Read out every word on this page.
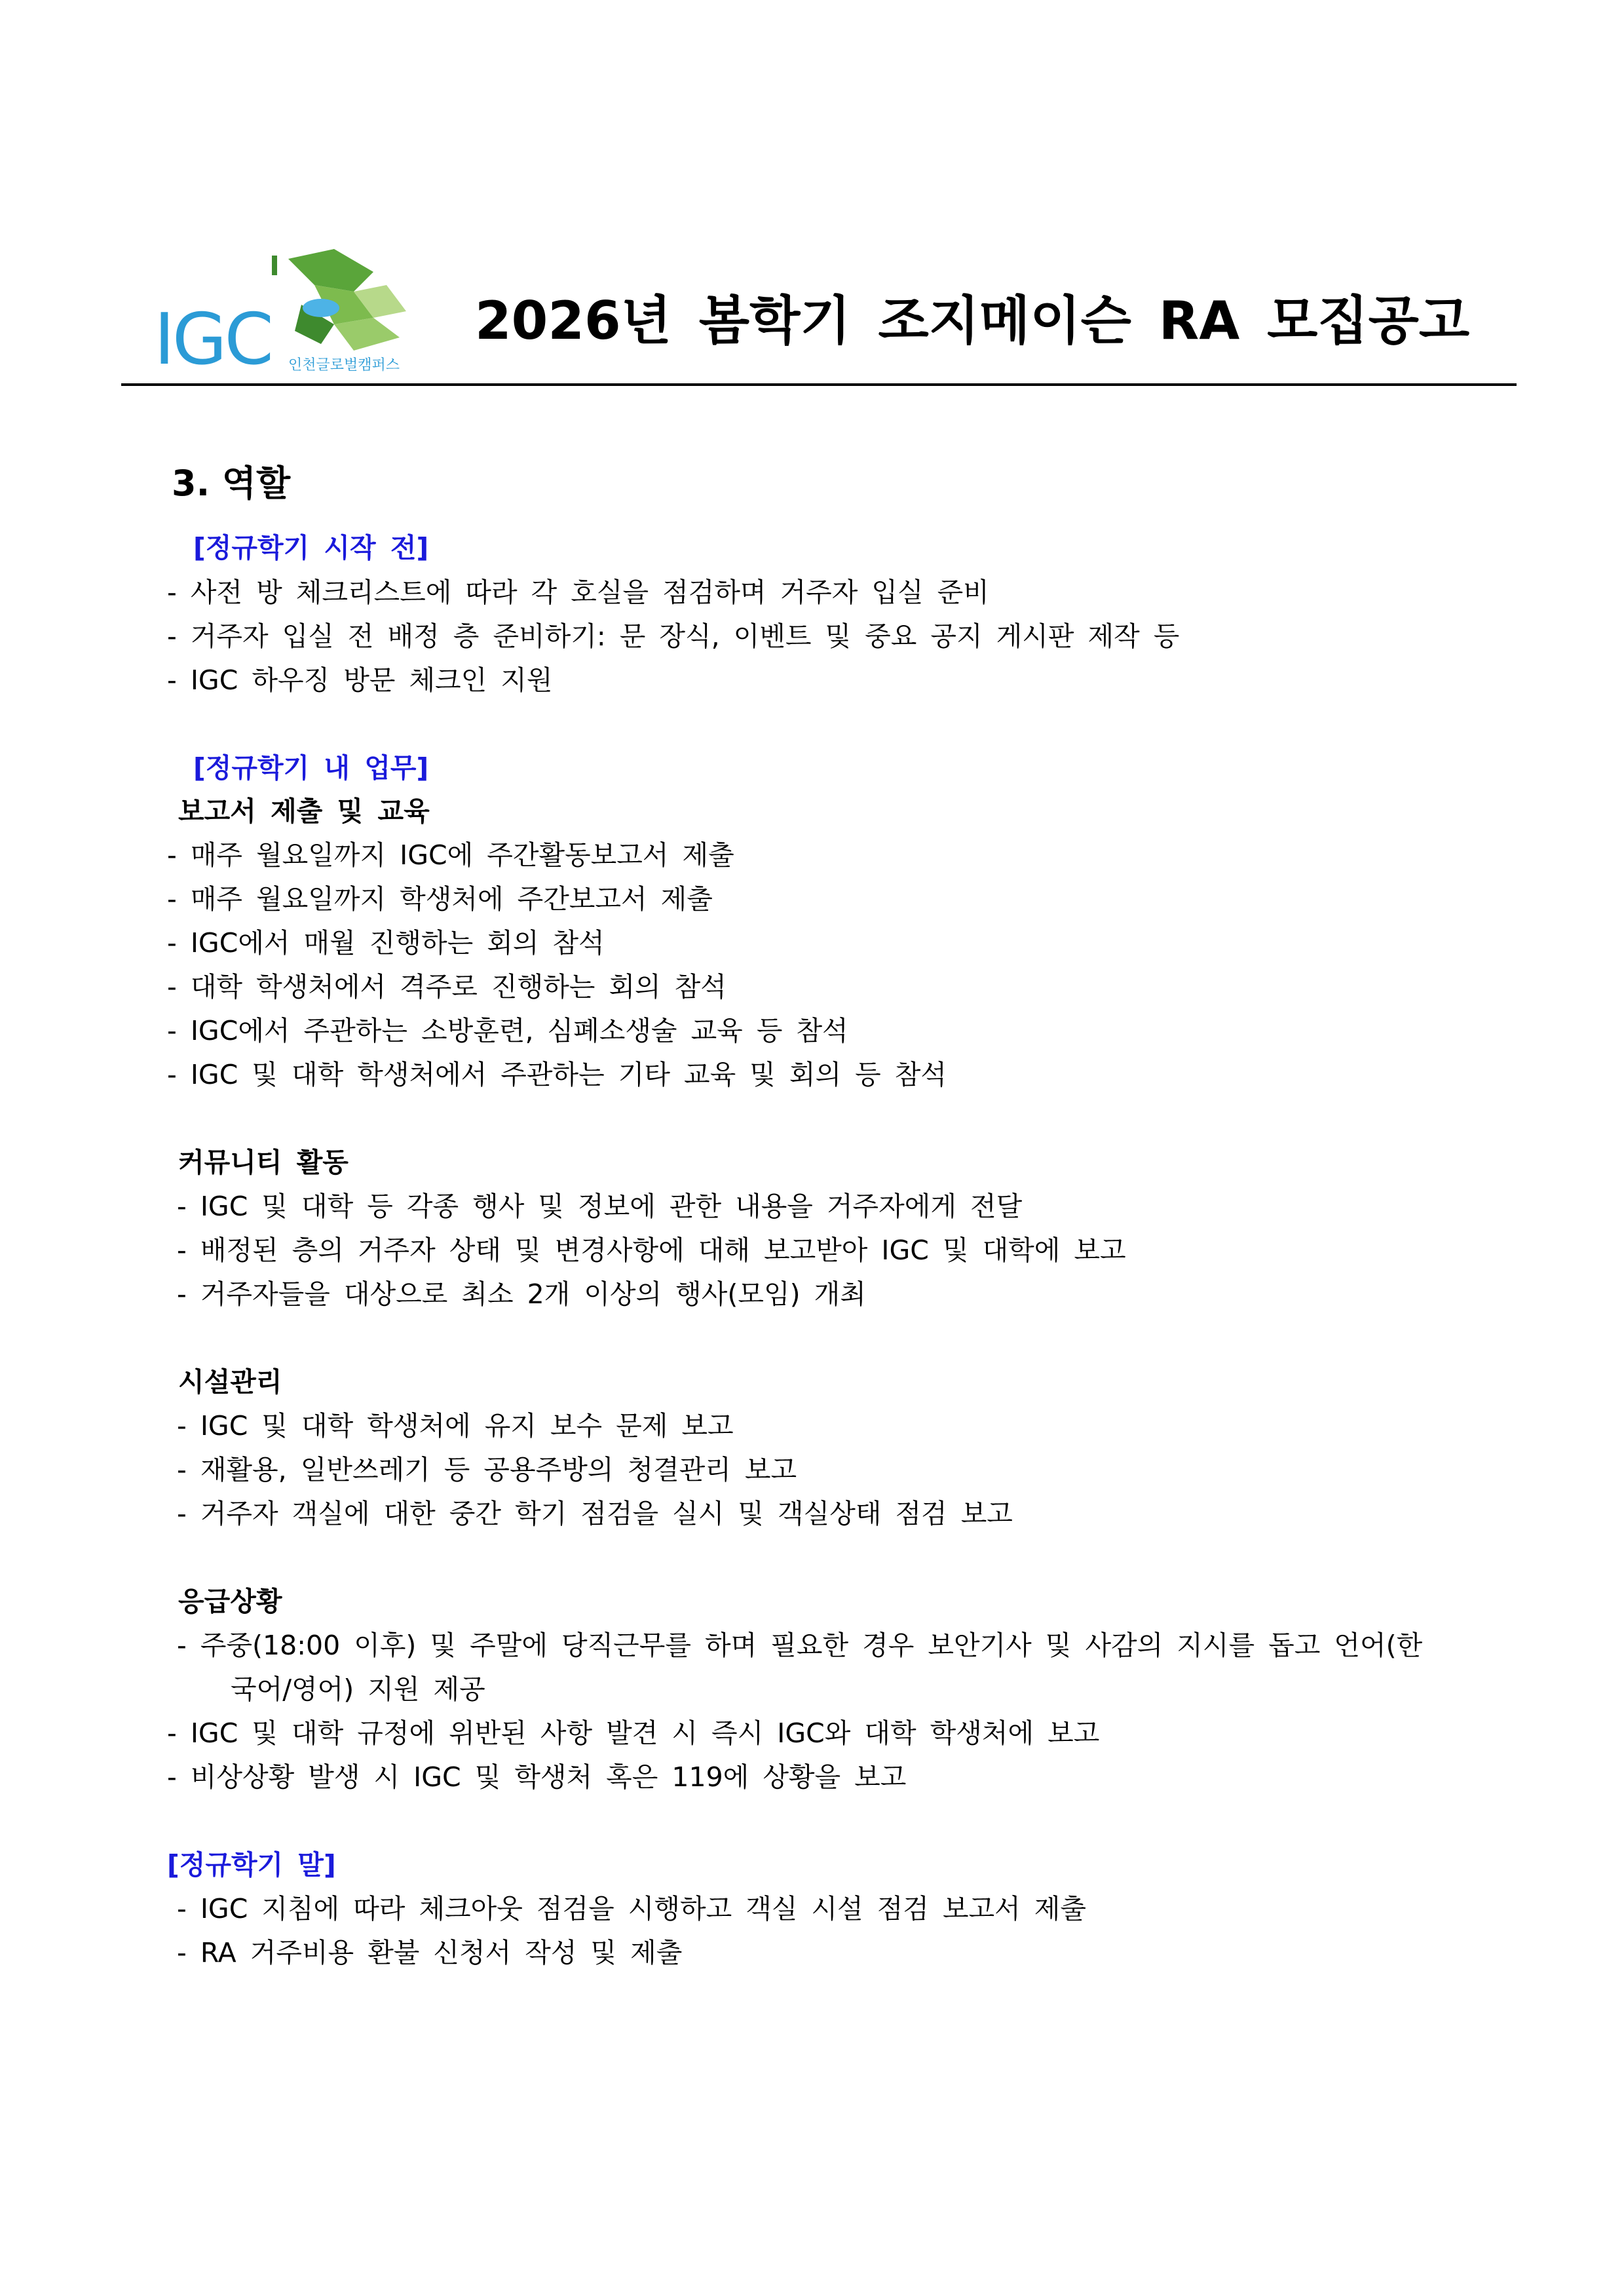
IGC 인천글로벌캠퍼스
2026년 봄학기 조지메이슨 RA 모집공고
3. 역할
[정규학기 시작 전]
- 사전 방 체크리스트에 따라 각 호실을 점검하며 거주자 입실 준비
- 거주자 입실 전 배정 층 준비하기: 문 장식, 이벤트 및 중요 공지 게시판 제작 등
- IGC 하우징 방문 체크인 지원
[정규학기 내 업무]
보고서 제출 및 교육
- 매주 월요일까지 IGC에 주간활동보고서 제출
- 매주 월요일까지 학생처에 주간보고서 제출
- IGC에서 매월 진행하는 회의 참석
- 대학 학생처에서 격주로 진행하는 회의 참석
- IGC에서 주관하는 소방훈련, 심폐소생술 교육 등 참석
- IGC 및 대학 학생처에서 주관하는 기타 교육 및 회의 등 참석
커뮤니티 활동
- IGC 및 대학 등 각종 행사 및 정보에 관한 내용을 거주자에게 전달
- 배정된 층의 거주자 상태 및 변경사항에 대해 보고받아 IGC 및 대학에 보고
- 거주자들을 대상으로 최소 2개 이상의 행사(모임) 개최
시설관리
- IGC 및 대학 학생처에 유지 보수 문제 보고
- 재활용, 일반쓰레기 등 공용주방의 청결관리 보고
- 거주자 객실에 대한 중간 학기 점검을 실시 및 객실상태 점검 보고
응급상황
- 주중(18:00 이후) 및 주말에 당직근무를 하며 필요한 경우 보안기사 및 사감의 지시를 돕고 언어(한
국어/영어) 지원 제공
- IGC 및 대학 규정에 위반된 사항 발견 시 즉시 IGC와 대학 학생처에 보고
- 비상상황 발생 시 IGC 및 학생처 혹은 119에 상황을 보고
[정규학기 말]
- IGC 지침에 따라 체크아웃 점검을 시행하고 객실 시설 점검 보고서 제출
- RA 거주비용 환불 신청서 작성 및 제출
